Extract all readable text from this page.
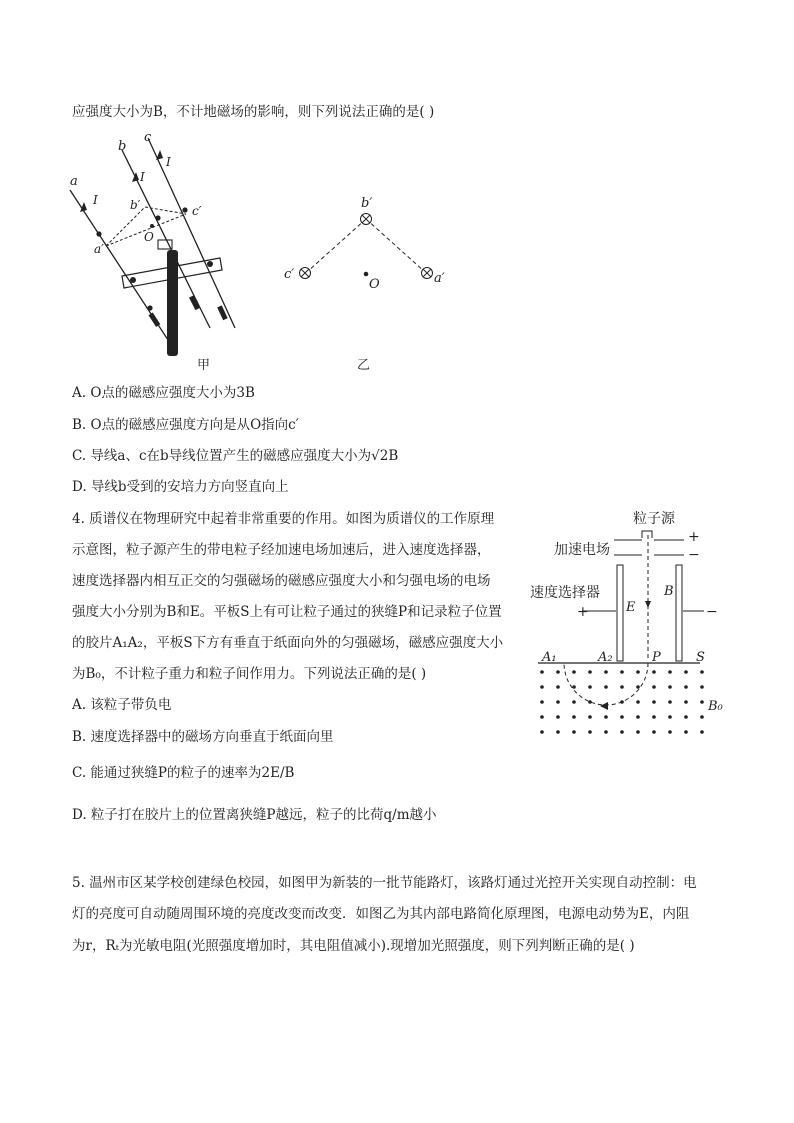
应强度大小为B，不计地磁场的影响，则下列说法正确的是( )
a
b
c
I
I
I
b′	c′
a′
O
甲
b′
c′	a′
O
乙
A. O点的磁感应强度大小为3B
B. O点的磁感应强度方向是从O指向c′
C. 导线a、c在b导线位置产生的磁感应强度大小为√2B
D. 导线b受到的安培力方向竖直向上
4. 质谱仪在物理研究中起着非常重要的作用。如图为质谱仪的工作原理
示意图，粒子源产生的带电粒子经加速电场加速后，进入速度选择器，
速度选择器内相互正交的匀强磁场的磁感应强度大小和匀强电场的电场
强度大小分别为B和E。平板S上有可让粒子通过的狭缝P和记录粒子位置
的胶片A₁A₂，平板S下方有垂直于纸面向外的匀强磁场，磁感应强度大小
为B₀，不计粒子重力和粒子间作用力。下列说法正确的是( )
粒子源
加速电场
+
−
速度选择器
+	−
E
B
A₁	A₂	P	S
B₀
A. 该粒子带负电
B. 速度选择器中的磁场方向垂直于纸面向里
C. 能通过狭缝P的粒子的速率为2E/B
D. 粒子打在胶片上的位置离狭缝P越远，粒子的比荷q/m越小
5. 温州市区某学校创建绿色校园，如图甲为新装的一批节能路灯，该路灯通过光控开关实现自动控制：电
灯的亮度可自动随周围环境的亮度改变而改变．如图乙为其内部电路简化原理图，电源电动势为E，内阻
为r，Rₜ为光敏电阻(光照强度增加时，其电阻值减小).现增加光照强度，则下列判断正确的是( )
